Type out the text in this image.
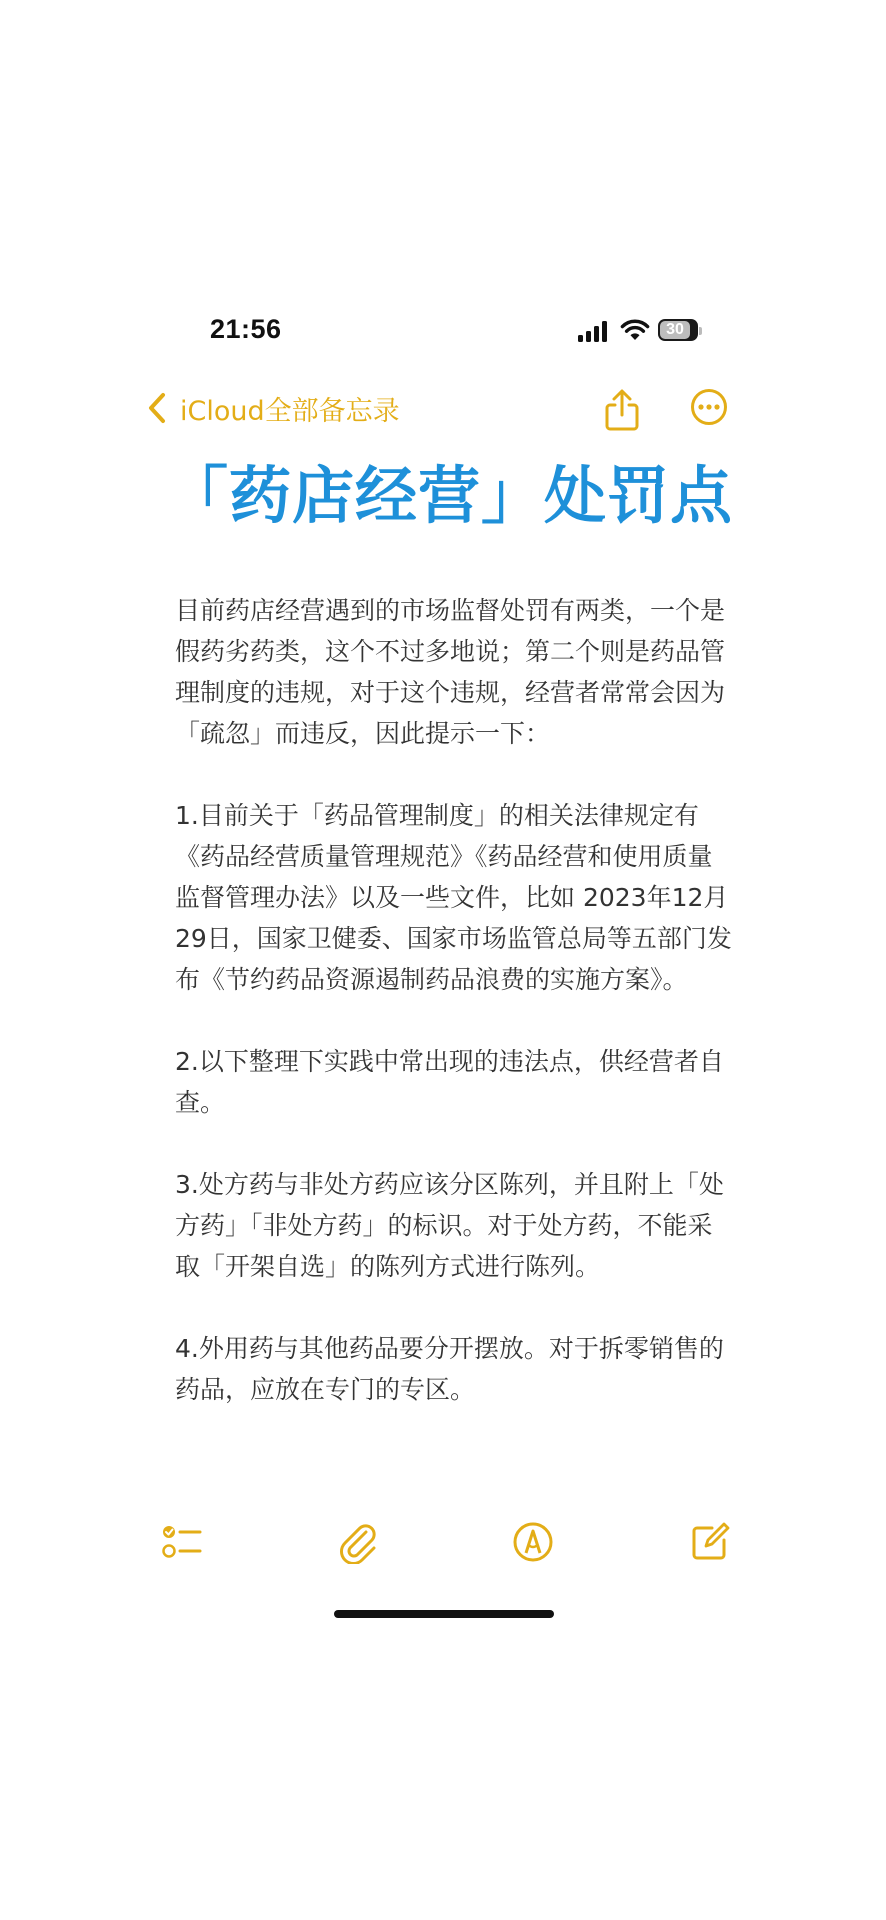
21:56	30
iCloud全部备忘录
「药店经营」处罚点

目前药店经营遇到的市场监督处罚有两类，一个是假药劣药类，这个不过多地说；第二个则是药品管理制度的违规，对于这个违规，经营者常常会因为「疏忽」而违反，因此提示一下：

1.目前关于「药品管理制度」的相关法律规定有《药品经营质量管理规范》《药品经营和使用质量监督管理办法》以及一些文件，比如 2023年12月29日，国家卫健委、国家市场监管总局等五部门发布《节约药品资源遏制药品浪费的实施方案》。

2.以下整理下实践中常出现的违法点，供经营者自查。

3.处方药与非处方药应该分区陈列，并且附上「处方药」「非处方药」的标识。对于处方药，不能采取「开架自选」的陈列方式进行陈列。

4.外用药与其他药品要分开摆放。对于拆零销售的药品，应放在专门的专区。
